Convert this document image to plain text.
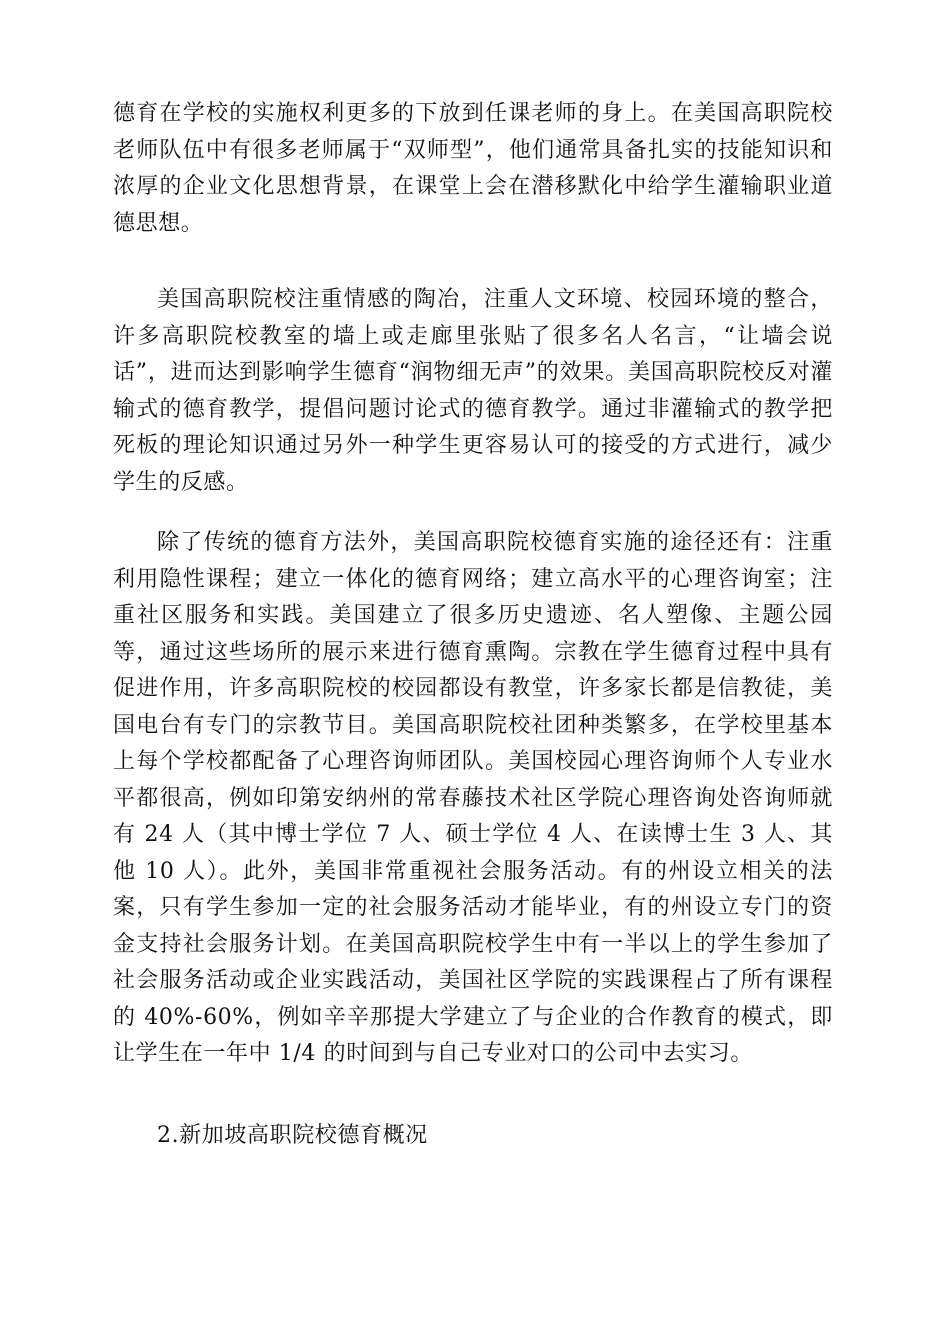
德育在学校的实施权利更多的下放到任课老师的身上。在美国高职院校老师队伍中有很多老师属于“双师型”，他们通常具备扎实的技能知识和浓厚的企业文化思想背景，在课堂上会在潜移默化中给学生灌输职业道德思想。

美国高职院校注重情感的陶冶，注重人文环境、校园环境的整合，许多高职院校教室的墙上或走廊里张贴了很多名人名言，“让墙会说话”，进而达到影响学生德育“润物细无声”的效果。美国高职院校反对灌输式的德育教学，提倡问题讨论式的德育教学。通过非灌输式的教学把死板的理论知识通过另外一种学生更容易认可的接受的方式进行，减少学生的反感。

除了传统的德育方法外，美国高职院校德育实施的途径还有：注重利用隐性课程；建立一体化的德育网络；建立高水平的心理咨询室；注重社区服务和实践。美国建立了很多历史遗迹、名人塑像、主题公园等，通过这些场所的展示来进行德育熏陶。宗教在学生德育过程中具有促进作用，许多高职院校的校园都设有教堂，许多家长都是信教徒，美国电台有专门的宗教节目。美国高职院校社团种类繁多，在学校里基本上每个学校都配备了心理咨询师团队。美国校园心理咨询师个人专业水平都很高，例如印第安纳州的常春藤技术社区学院心理咨询处咨询师就有 24 人（其中博士学位 7 人、硕士学位 4 人、在读博士生 3 人、其他 10 人）。此外，美国非常重视社会服务活动。有的州设立相关的法案，只有学生参加一定的社会服务活动才能毕业，有的州设立专门的资金支持社会服务计划。在美国高职院校学生中有一半以上的学生参加了社会服务活动或企业实践活动，美国社区学院的实践课程占了所有课程的 40%-60%，例如辛辛那提大学建立了与企业的合作教育的模式，即让学生在一年中 1/4 的时间到与自己专业对口的公司中去实习。

2.新加坡高职院校德育概况
